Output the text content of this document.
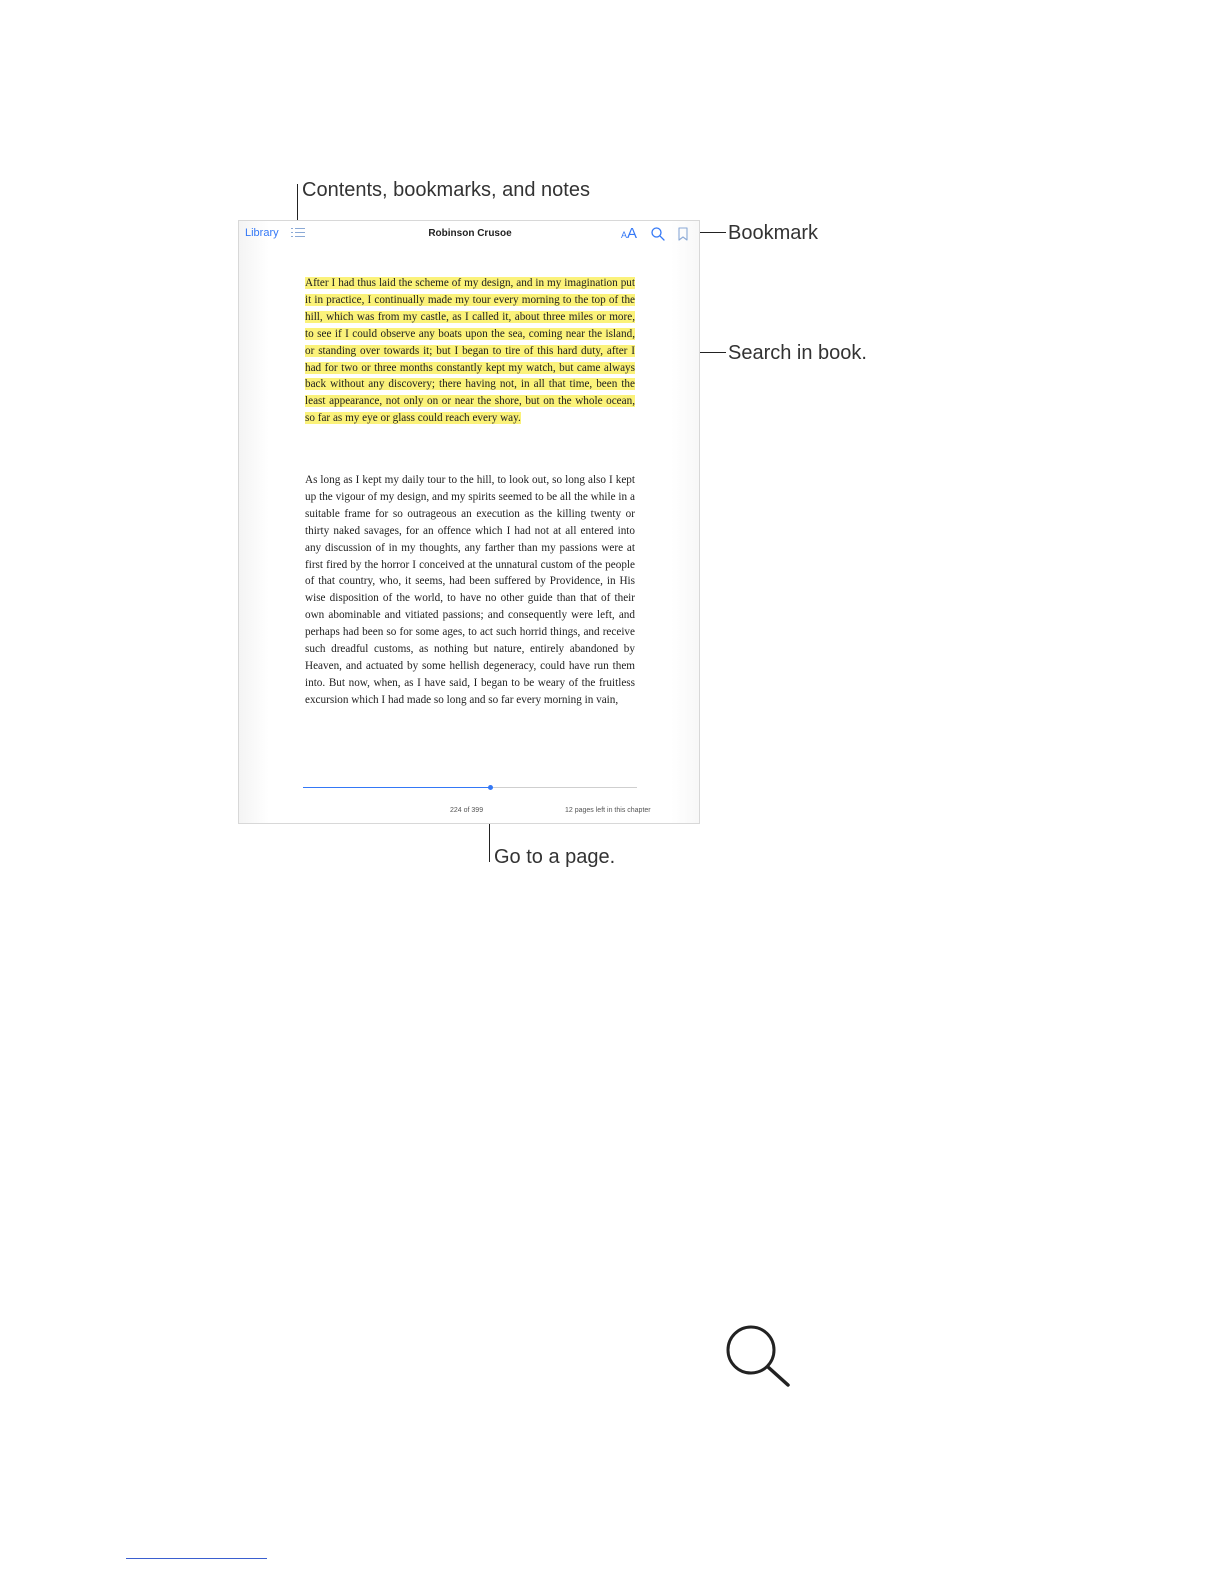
Contents, bookmarks, and notes
Bookmark
Search in book.
Go to a page.
Library	Robinson Crusoe	AA

After I had thus laid the scheme of my design, and in my imagination put it in practice, I continually made my tour every morning to the top of the hill, which was from my castle, as I called it, about three miles or more, to see if I could observe any boats upon the sea, coming near the island, or standing over towards it; but I began to tire of this hard duty, after I had for two or three months constantly kept my watch, but came always back without any discovery; there having not, in all that time, been the least appearance, not only on or near the shore, but on the whole ocean, so far as my eye or glass could reach every way.

As long as I kept my daily tour to the hill, to look out, so long also I kept up the vigour of my design, and my spirits seemed to be all the while in a suitable frame for so outrageous an execution as the killing twenty or thirty naked savages, for an offence which I had not at all entered into any discussion of in my thoughts, any farther than my passions were at first fired by the horror I conceived at the unnatural custom of the people of that country, who, it seems, had been suffered by Providence, in His wise disposition of the world, to have no other guide than that of their own abominable and vitiated passions; and consequently were left, and perhaps had been so for some ages, to act such horrid things, and receive such dreadful customs, as nothing but nature, entirely abandoned by Heaven, and actuated by some hellish degeneracy, could have run them into. But now, when, as I have said, I began to be weary of the fruitless excursion which I had made so long and so far every morning in vain,

224 of 399	12 pages left in this chapter
